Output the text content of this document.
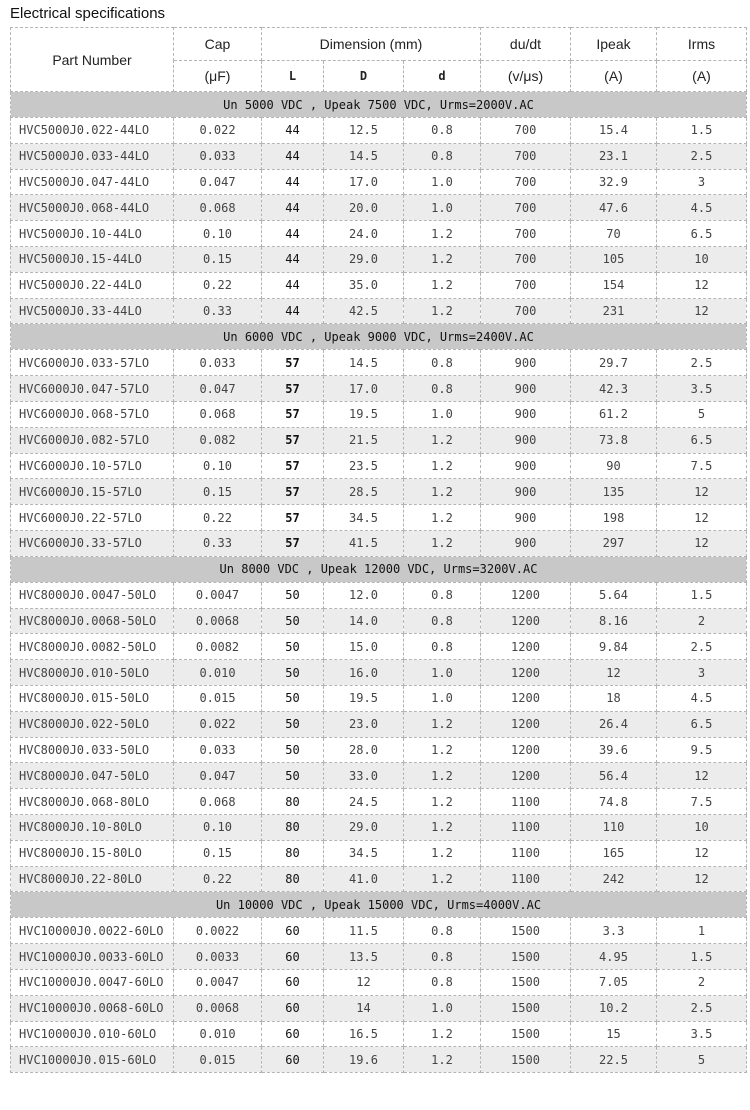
Electrical specifications
Part Number	Cap	Dimension (mm)			du/dt	Ipeak	Irms
	(μF)	L	D	d	(v/μs)	(A)	(A)
Un 5000 VDC , Upeak 7500 VDC, Urms=2000V.AC							
HVC5000J0.022-44LO	0.022	44	12.5	0.8	700	15.4	1.5
HVC5000J0.033-44LO	0.033	44	14.5	0.8	700	23.1	2.5
HVC5000J0.047-44LO	0.047	44	17.0	1.0	700	32.9	3
HVC5000J0.068-44LO	0.068	44	20.0	1.0	700	47.6	4.5
HVC5000J0.10-44LO	0.10	44	24.0	1.2	700	70	6.5
HVC5000J0.15-44LO	0.15	44	29.0	1.2	700	105	10
HVC5000J0.22-44LO	0.22	44	35.0	1.2	700	154	12
HVC5000J0.33-44LO	0.33	44	42.5	1.2	700	231	12
Un 6000 VDC , Upeak 9000 VDC, Urms=2400V.AC							
HVC6000J0.033-57LO	0.033	57	14.5	0.8	900	29.7	2.5
HVC6000J0.047-57LO	0.047	57	17.0	0.8	900	42.3	3.5
HVC6000J0.068-57LO	0.068	57	19.5	1.0	900	61.2	5
HVC6000J0.082-57LO	0.082	57	21.5	1.2	900	73.8	6.5
HVC6000J0.10-57LO	0.10	57	23.5	1.2	900	90	7.5
HVC6000J0.15-57LO	0.15	57	28.5	1.2	900	135	12
HVC6000J0.22-57LO	0.22	57	34.5	1.2	900	198	12
HVC6000J0.33-57LO	0.33	57	41.5	1.2	900	297	12
Un 8000 VDC , Upeak 12000 VDC, Urms=3200V.AC							
HVC8000J0.0047-50LO	0.0047	50	12.0	0.8	1200	5.64	1.5
HVC8000J0.0068-50LO	0.0068	50	14.0	0.8	1200	8.16	2
HVC8000J0.0082-50LO	0.0082	50	15.0	0.8	1200	9.84	2.5
HVC8000J0.010-50LO	0.010	50	16.0	1.0	1200	12	3
HVC8000J0.015-50LO	0.015	50	19.5	1.0	1200	18	4.5
HVC8000J0.022-50LO	0.022	50	23.0	1.2	1200	26.4	6.5
HVC8000J0.033-50LO	0.033	50	28.0	1.2	1200	39.6	9.5
HVC8000J0.047-50LO	0.047	50	33.0	1.2	1200	56.4	12
HVC8000J0.068-80LO	0.068	80	24.5	1.2	1100	74.8	7.5
HVC8000J0.10-80LO	0.10	80	29.0	1.2	1100	110	10
HVC8000J0.15-80LO	0.15	80	34.5	1.2	1100	165	12
HVC8000J0.22-80LO	0.22	80	41.0	1.2	1100	242	12
Un 10000 VDC , Upeak 15000 VDC, Urms=4000V.AC							
HVC10000J0.0022-60LO	0.0022	60	11.5	0.8	1500	3.3	1
HVC10000J0.0033-60LO	0.0033	60	13.5	0.8	1500	4.95	1.5
HVC10000J0.0047-60LO	0.0047	60	12	0.8	1500	7.05	2
HVC10000J0.0068-60LO	0.0068	60	14	1.0	1500	10.2	2.5
HVC10000J0.010-60LO	0.010	60	16.5	1.2	1500	15	3.5
HVC10000J0.015-60LO	0.015	60	19.6	1.2	1500	22.5	5
